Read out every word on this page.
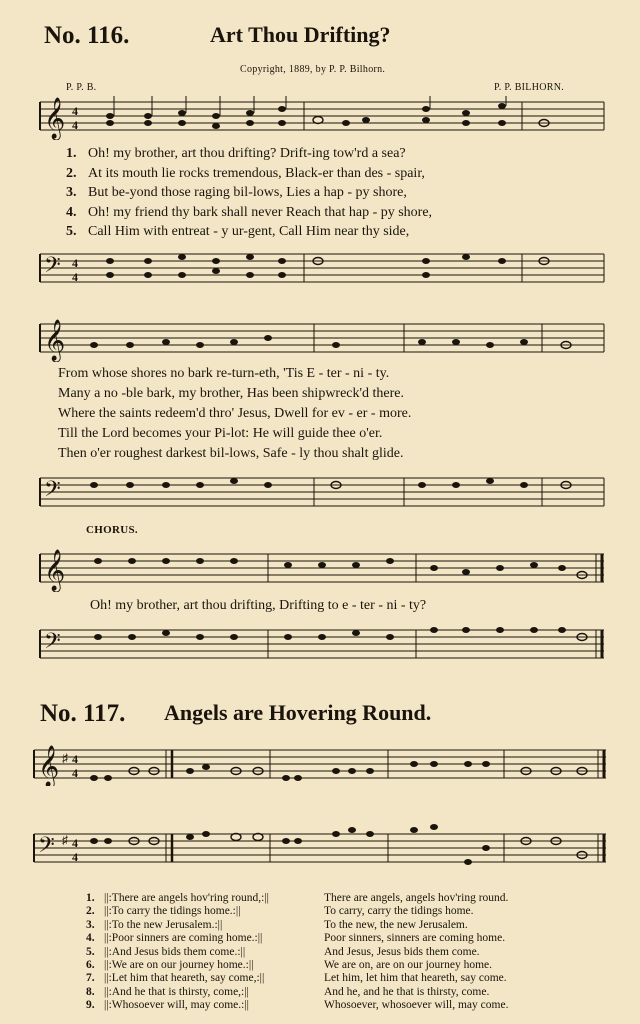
No. 116.	Art Thou Drifting?
Copyright, 1889, by P. P. Bilhorn.
P. P. B.	P. P. BILHORN.
𝄞 4
4
1. Oh! my brother, art thou drifting? Drift-ing tow'rd a sea?
2. At its mouth lie rocks tremendous, Black-er than des - spair,
3. But be-yond those raging bil-lows, Lies a hap - py shore,
4. Oh! my friend thy bark shall never Reach that hap - py shore,
5. Call Him with entreat - y ur-gent, Call Him near thy side,
𝄢 4
4
𝄞
From whose shores no bark re-turn-eth, 'Tis E - ter - ni - ty.
Many a no -ble bark, my brother, Has been shipwreck'd there.
Where the saints redeem'd thro' Jesus, Dwell for ev - er - more.
Till the Lord becomes your Pi-lot: He will guide thee o'er.
Then o'er roughest darkest bil-lows, Safe - ly thou shalt glide.
𝄢
CHORUS.
𝄞
Oh! my brother, art thou drifting, Drifting to e - ter - ni - ty?
𝄢
No. 117. Angels are Hovering Round.
𝄞 ♯ 4
4
𝄢 ♯ 4
4
1. ||:There are angels hov'ring round,:||
2. ||:To carry the tidings home.:||
3. ||:To the new Jerusalem.:||
4. ||:Poor sinners are coming home.:||
5. ||:And Jesus bids them come.:||
6. ||:We are on our journey home.:||
7. ||:Let him that heareth, say come,:||
8. ||:And he that is thirsty, come,:||
9. ||:Whosoever will, may come.:||
There are angels, angels hov'ring round.
To carry, carry the tidings home.
To the new, the new Jerusalem.
Poor sinners, sinners are coming home.
And Jesus, Jesus bids them come.
We are on, are on our journey home.
Let him, let him that heareth, say come.
And he, and he that is thirsty, come.
Whosoever, whosoever will, may come.
